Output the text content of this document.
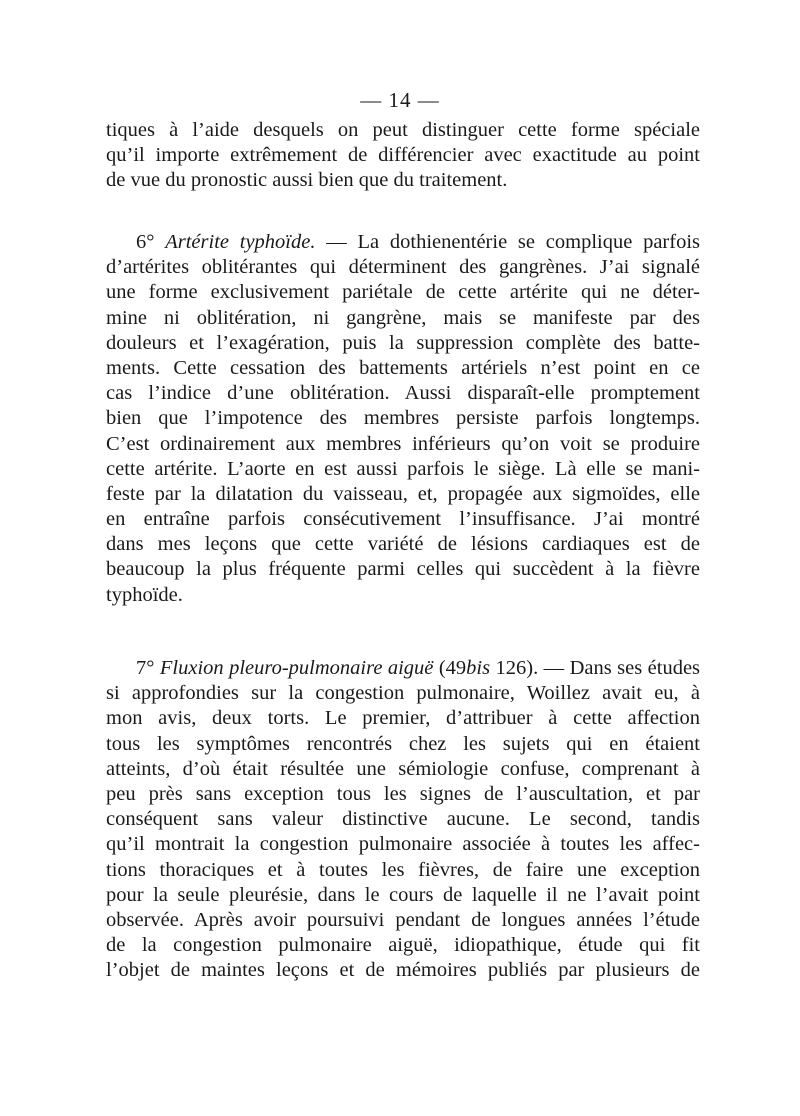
— 14 —
tiques à l’aide desquels on peut distinguer cette forme spéciale
qu’il importe extrêmement de différencier avec exactitude au point
de vue du pronostic aussi bien que du traitement.
6° Artérite typhoïde. — La dothienentérie se complique parfois
d’artérites oblitérantes qui déterminent des gangrènes. J’ai signalé
une forme exclusivement pariétale de cette artérite qui ne déter-
mine ni oblitération, ni gangrène, mais se manifeste par des
douleurs et l’exagération, puis la suppression complète des batte-
ments. Cette cessation des battements artériels n’est point en ce
cas l’indice d’une oblitération. Aussi disparaît-elle promptement
bien que l’impotence des membres persiste parfois longtemps.
C’est ordinairement aux membres inférieurs qu’on voit se produire
cette artérite. L’aorte en est aussi parfois le siège. Là elle se mani-
feste par la dilatation du vaisseau, et, propagée aux sigmoïdes, elle
en entraîne parfois consécutivement l’insuffisance. J’ai montré
dans mes leçons que cette variété de lésions cardiaques est de
beaucoup la plus fréquente parmi celles qui succèdent à la fièvre
typhoïde.
7° Fluxion pleuro-pulmonaire aiguë (49bis 126). — Dans ses études
si approfondies sur la congestion pulmonaire, Woillez avait eu, à
mon avis, deux torts. Le premier, d’attribuer à cette affection
tous les symptômes rencontrés chez les sujets qui en étaient
atteints, d’où était résultée une sémiologie confuse, comprenant à
peu près sans exception tous les signes de l’auscultation, et par
conséquent sans valeur distinctive aucune. Le second, tandis
qu’il montrait la congestion pulmonaire associée à toutes les affec-
tions thoraciques et à toutes les fièvres, de faire une exception
pour la seule pleurésie, dans le cours de laquelle il ne l’avait point
observée. Après avoir poursuivi pendant de longues années l’étude
de la congestion pulmonaire aiguë, idiopathique, étude qui fit
l’objet de maintes leçons et de mémoires publiés par plusieurs de
